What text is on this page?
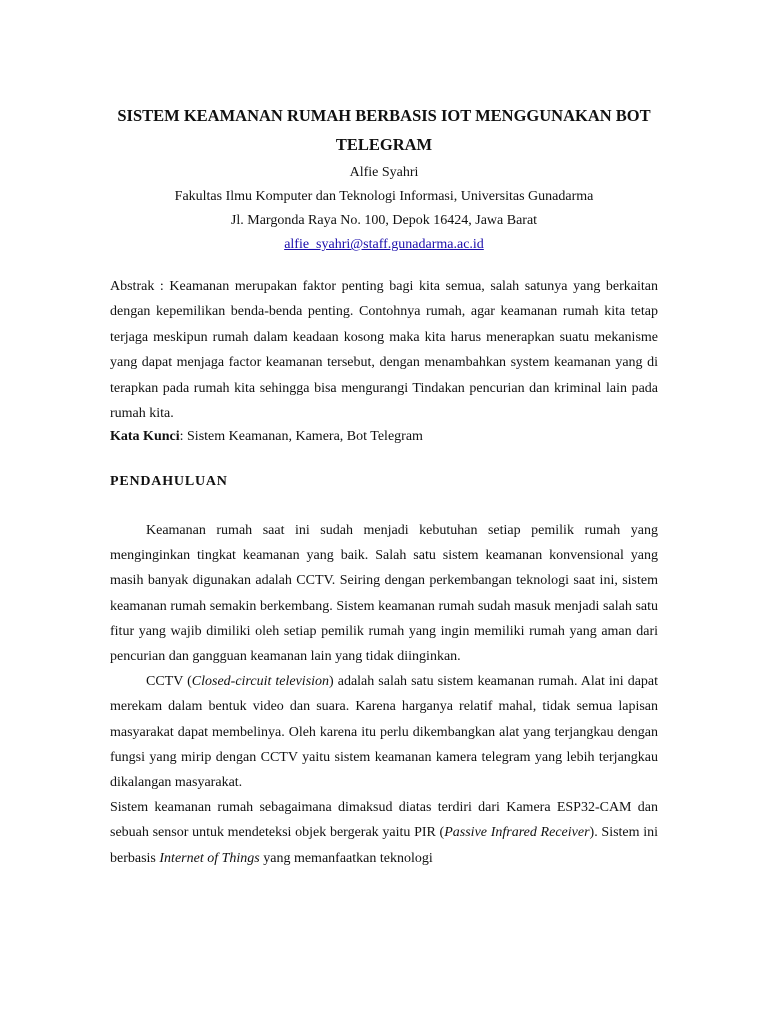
SISTEM KEAMANAN RUMAH BERBASIS IOT MENGGUNAKAN BOT TELEGRAM
Alfie Syahri
Fakultas Ilmu Komputer dan Teknologi Informasi, Universitas Gunadarma
Jl. Margonda Raya No. 100, Depok 16424, Jawa Barat
alfie_syahri@staff.gunadarma.ac.id

Abstrak : Keamanan merupakan faktor penting bagi kita semua, salah satunya yang berkaitan dengan kepemilikan benda-benda penting. Contohnya rumah, agar keamanan rumah kita tetap terjaga meskipun rumah dalam keadaan kosong maka kita harus menerapkan suatu mekanisme yang dapat menjaga factor keamanan tersebut, dengan menambahkan system keamanan yang di terapkan pada rumah kita sehingga bisa mengurangi Tindakan pencurian dan kriminal lain pada rumah kita.

Kata Kunci: Sistem Keamanan, Kamera, Bot Telegram

PENDAHULUAN

Keamanan rumah saat ini sudah menjadi kebutuhan setiap pemilik rumah yang menginginkan tingkat keamanan yang baik. Salah satu sistem keamanan konvensional yang masih banyak digunakan adalah CCTV. Seiring dengan perkembangan teknologi saat ini, sistem keamanan rumah semakin berkembang. Sistem keamanan rumah sudah masuk menjadi salah satu fitur yang wajib dimiliki oleh setiap pemilik rumah yang ingin memiliki rumah yang aman dari pencurian dan gangguan keamanan lain yang tidak diinginkan.

CCTV (Closed-circuit television) adalah salah satu sistem keamanan rumah. Alat ini dapat merekam dalam bentuk video dan suara. Karena harganya relatif mahal, tidak semua lapisan masyarakat dapat membelinya. Oleh karena itu perlu dikembangkan alat yang terjangkau dengan fungsi yang mirip dengan CCTV yaitu sistem keamanan kamera telegram yang lebih terjangkau dikalangan masyarakat.

Sistem keamanan rumah sebagaimana dimaksud diatas terdiri dari Kamera ESP32-CAM dan sebuah sensor untuk mendeteksi objek bergerak yaitu PIR (Passive Infrared Receiver). Sistem ini berbasis Internet of Things yang memanfaatkan teknologi
